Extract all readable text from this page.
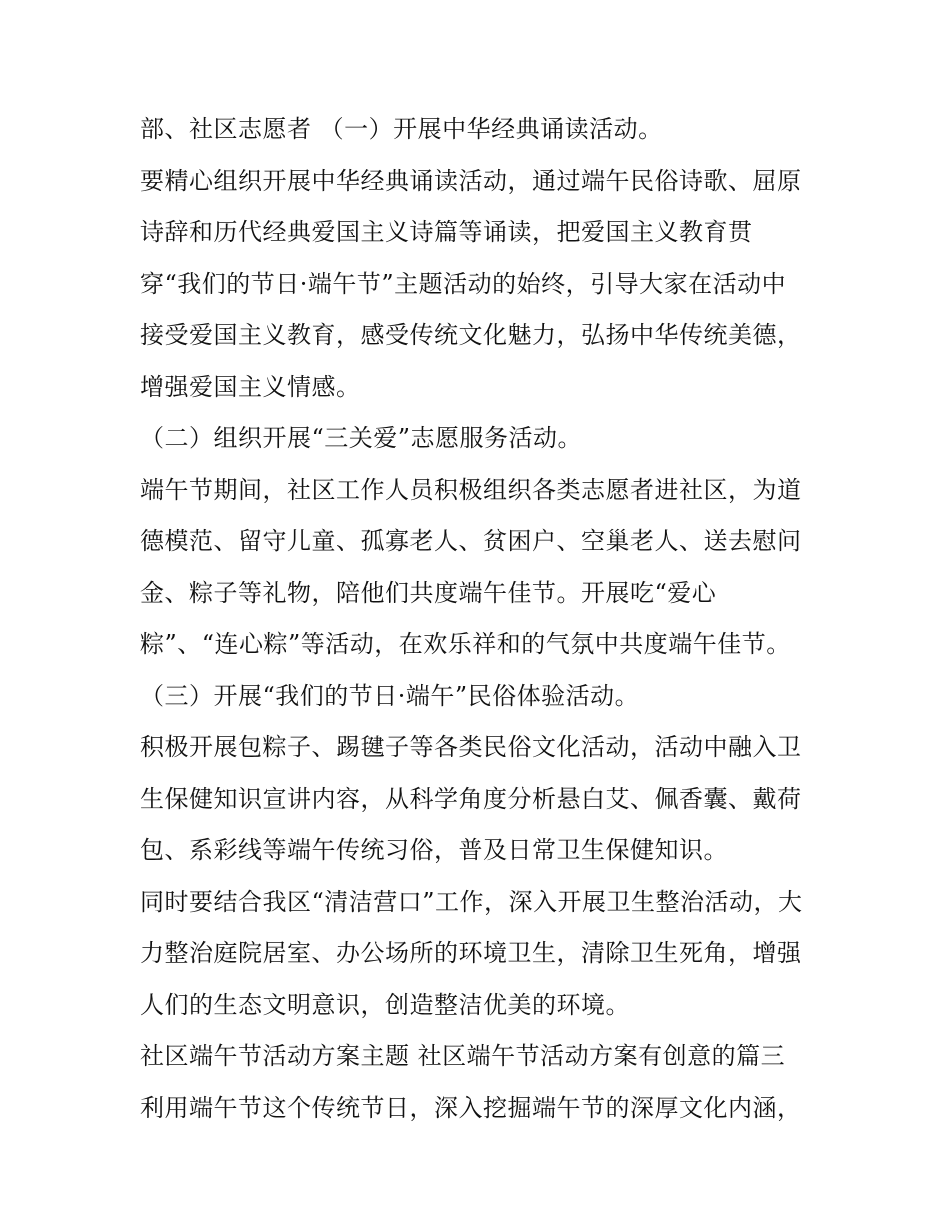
部、社区志愿者 （一）开展中华经典诵读活动。
要精心组织开展中华经典诵读活动，通过端午民俗诗歌、屈原
诗辞和历代经典爱国主义诗篇等诵读，把爱国主义教育贯
穿“我们的节日·端午节”主题活动的始终，引导大家在活动中
接受爱国主义教育，感受传统文化魅力，弘扬中华传统美德，
增强爱国主义情感。
（二）组织开展“三关爱”志愿服务活动。
端午节期间，社区工作人员积极组织各类志愿者进社区，为道
德模范、留守儿童、孤寡老人、贫困户、空巢老人、送去慰问
金、粽子等礼物，陪他们共度端午佳节。开展吃“爱心
粽”、“连心粽”等活动，在欢乐祥和的气氛中共度端午佳节。
（三）开展“我们的节日·端午”民俗体验活动。
积极开展包粽子、踢毽子等各类民俗文化活动，活动中融入卫
生保健知识宣讲内容，从科学角度分析悬白艾、佩香囊、戴荷
包、系彩线等端午传统习俗，普及日常卫生保健知识。
同时要结合我区“清洁营口”工作，深入开展卫生整治活动，大
力整治庭院居室、办公场所的环境卫生，清除卫生死角，增强
人们的生态文明意识，创造整洁优美的环境。
社区端午节活动方案主题 社区端午节活动方案有创意的篇三
利用端午节这个传统节日，深入挖掘端午节的深厚文化内涵，
